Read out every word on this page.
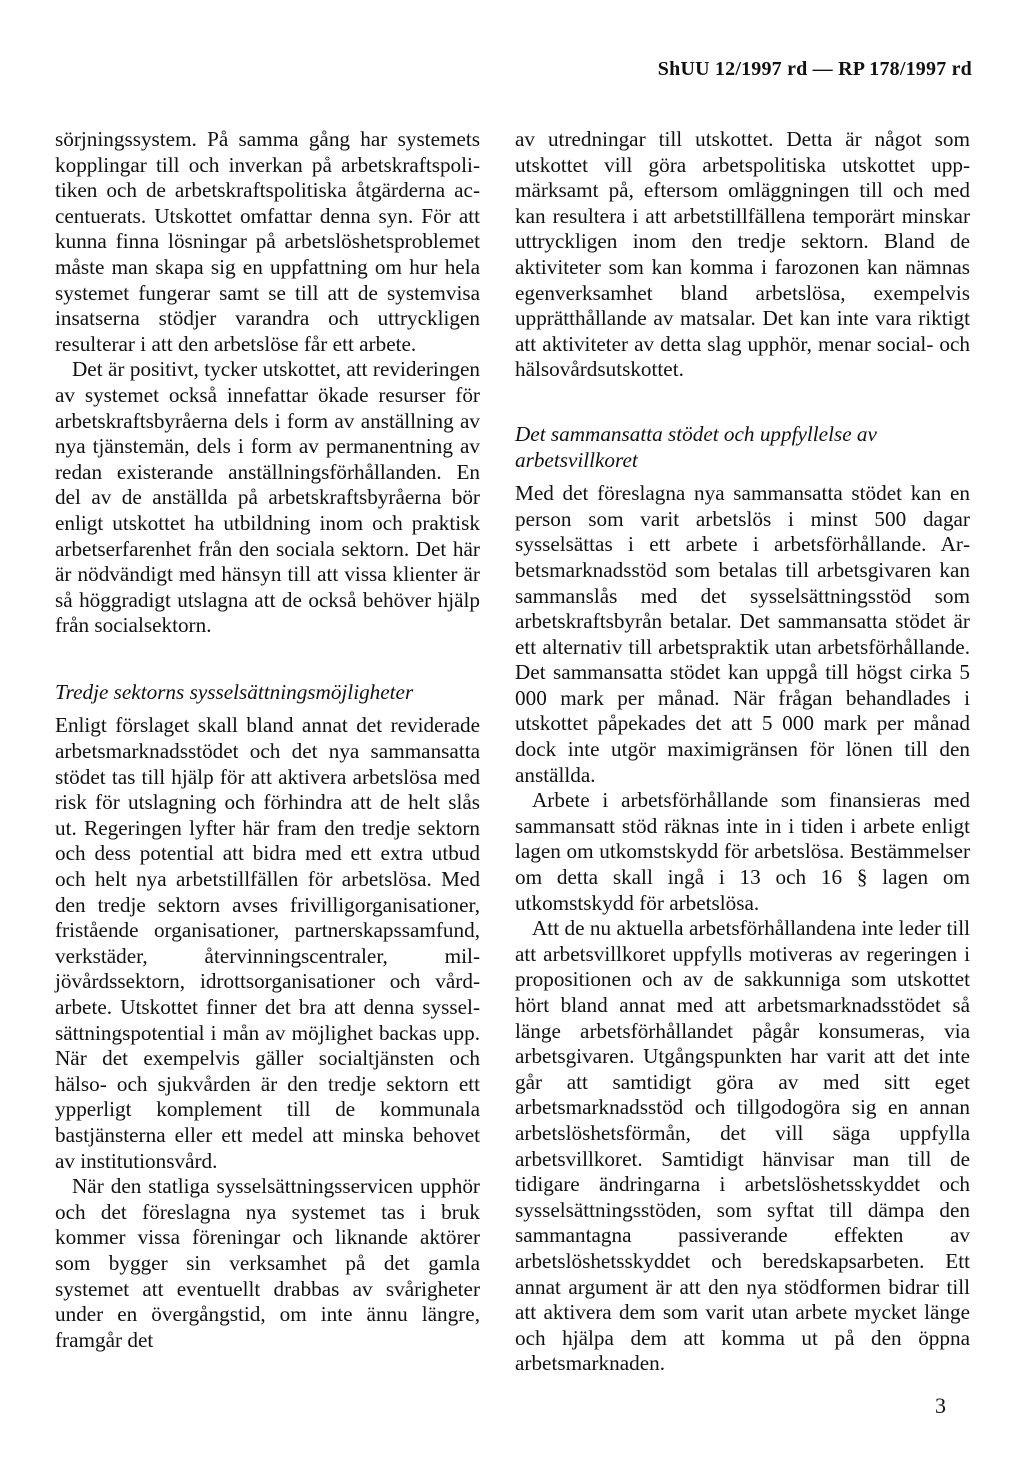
ShUU 12/1997 rd — RP 178/1997 rd

sörjningssystem. På samma gång har systemets kopplingar till och inverkan på arbetskraftspolitiken och de arbetskraftspolitiska åtgärderna accentuerats. Utskottet omfattar denna syn. För att kunna finna lösningar på arbetslöshetsproblemet måste man skapa sig en uppfattning om hur hela systemet fungerar samt se till att de systemvisa insatserna stödjer varandra och uttryckligen resulterar i att den arbetslöse får ett arbete.

Det är positivt, tycker utskottet, att revideringen av systemet också innefattar ökade resurser för arbetskraftsbyråerna dels i form av anställning av nya tjänstemän, dels i form av permanentning av redan existerande anställningsförhållanden. En del av de anställda på arbetskraftsbyråerna bör enligt utskottet ha utbildning inom och praktisk arbetserfarenhet från den sociala sektorn. Det här är nödvändigt med hänsyn till att vissa klienter är så höggradigt utslagna att de också behöver hjälp från socialsektorn.

Tredje sektorns sysselsättningsmöjligheter

Enligt förslaget skall bland annat det reviderade arbetsmarknadsstödet och det nya sammansatta stödet tas till hjälp för att aktivera arbetslösa med risk för utslagning och förhindra att de helt slås ut. Regeringen lyfter här fram den tredje sektorn och dess potential att bidra med ett extra utbud och helt nya arbetstillfällen för arbetslösa. Med den tredje sektorn avses frivilligorganisationer, fristående organisationer, partnerskapssamfund, verkstäder, återvinningscentraler, miljövårdssektorn, idrottsorganisationer och vårdarbete. Utskottet finner det bra att denna sysselsättningspotential i mån av möjlighet backas upp. När det exempelvis gäller socialtjänsten och hälso- och sjukvården är den tredje sektorn ett ypperligt komplement till de kommunala bastjänsterna eller ett medel att minska behovet av institutionsvård.

När den statliga sysselsättningsservicen upphör och det föreslagna nya systemet tas i bruk kommer vissa föreningar och liknande aktörer som bygger sin verksamhet på det gamla systemet att eventuellt drabbas av svårigheter under en övergångstid, om inte ännu längre, framgår det

av utredningar till utskottet. Detta är något som utskottet vill göra arbetspolitiska utskottet uppmärksamt på, eftersom omläggningen till och med kan resultera i att arbetstillfällena temporärt minskar uttryckligen inom den tredje sektorn. Bland de aktiviteter som kan komma i farozonen kan nämnas egenverksamhet bland arbetslösa, exempelvis upprätthållande av matsalar. Det kan inte vara riktigt att aktiviteter av detta slag upphör, menar social- och hälsovårdsutskottet.

Det sammansatta stödet och uppfyllelse av arbetsvillkoret

Med det föreslagna nya sammansatta stödet kan en person som varit arbetslös i minst 500 dagar sysselsättas i ett arbete i arbetsförhållande. Arbetsmarknadsstöd som betalas till arbetsgivaren kan sammanslås med det sysselsättningsstöd som arbetskraftsbyrån betalar. Det sammansatta stödet är ett alternativ till arbetspraktik utan arbetsförhållande. Det sammansatta stödet kan uppgå till högst cirka 5 000 mark per månad. När frågan behandlades i utskottet påpekades det att 5 000 mark per månad dock inte utgör maximigränsen för lönen till den anställda.

Arbete i arbetsförhållande som finansieras med sammansatt stöd räknas inte in i tiden i arbete enligt lagen om utkomstskydd för arbetslösa. Bestämmelser om detta skall ingå i 13 och 16 § lagen om utkomstskydd för arbetslösa.

Att de nu aktuella arbetsförhållandena inte leder till att arbetsvillkoret uppfylls motiveras av regeringen i propositionen och av de sakkunniga som utskottet hört bland annat med att arbetsmarknadsstödet så länge arbetsförhållandet pågår konsumeras, via arbetsgivaren. Utgångspunkten har varit att det inte går att samtidigt göra av med sitt eget arbetsmarknadsstöd och tillgodogöra sig en annan arbetslöshetsförmån, det vill säga uppfylla arbetsvillkoret. Samtidigt hänvisar man till de tidigare ändringarna i arbetslöshetsskyddet och sysselsättningsstöden, som syftat till dämpa den sammantagna passiverande effekten av arbetslöshetsskyddet och beredskapsarbeten. Ett annat argument är att den nya stödformen bidrar till att aktivera dem som varit utan arbete mycket länge och hjälpa dem att komma ut på den öppna arbetsmarknaden.

3
